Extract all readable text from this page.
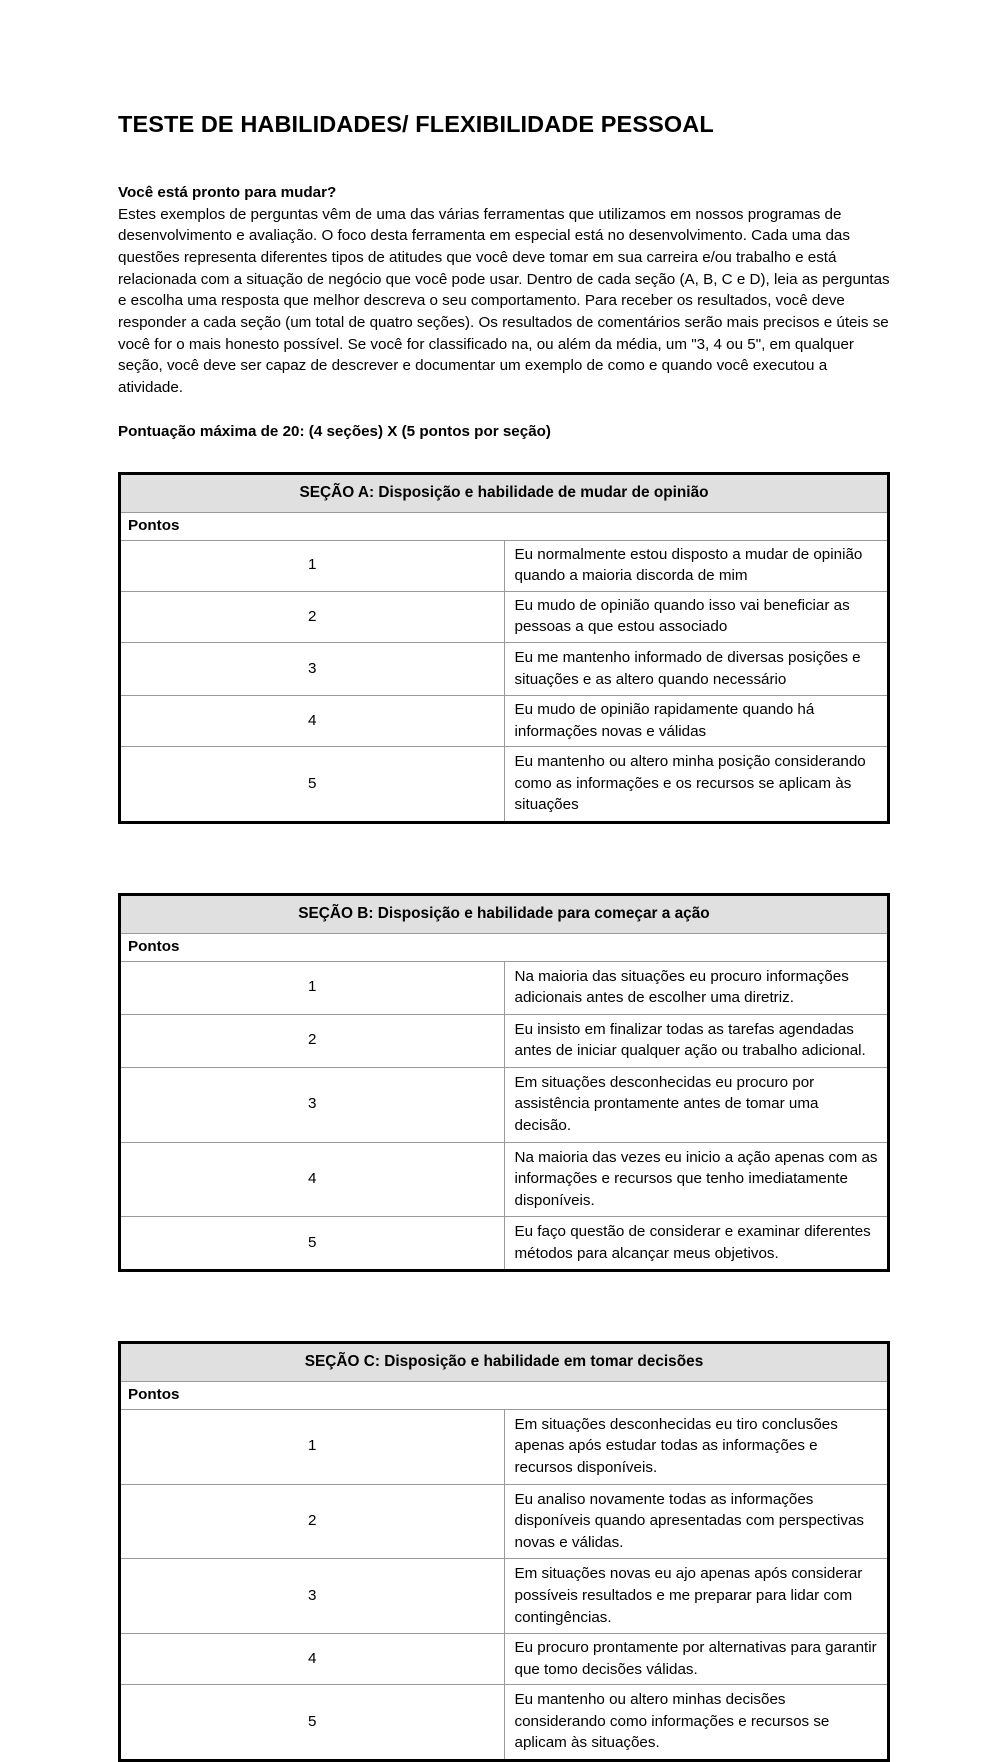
TESTE DE HABILIDADES/ FLEXIBILIDADE PESSOAL

Você está pronto para mudar?

Estes exemplos de perguntas vêm de uma das várias ferramentas que utilizamos em nossos programas de desenvolvimento e avaliação. O foco desta ferramenta em especial está no desenvolvimento. Cada uma das questões representa diferentes tipos de atitudes que você deve tomar em sua carreira e/ou trabalho e está relacionada com a situação de negócio que você pode usar. Dentro de cada seção (A, B, C e D), leia as perguntas e escolha uma resposta que melhor descreva o seu comportamento. Para receber os resultados, você deve responder a cada seção (um total de quatro seções). Os resultados de comentários serão mais precisos e úteis se você for o mais honesto possível. Se você for classificado na, ou além da média, um "3, 4 ou 5", em qualquer seção, você deve ser capaz de descrever e documentar um exemplo de como e quando você executou a atividade.

Pontuação máxima de 20: (4 seções) X (5 pontos por seção)

SEÇÃO A: Disposição e habilidade de mudar de opinião	
Pontos	
1	Eu normalmente estou disposto a mudar de opinião quando a maioria discorda de mim
2	Eu mudo de opinião quando isso vai beneficiar as pessoas a que estou associado
3	Eu me mantenho informado de diversas posições e situações e as altero quando necessário
4	Eu mudo de opinião rapidamente quando há informações novas e válidas
5	Eu mantenho ou altero minha posição considerando como as informações e os recursos se aplicam às situações
SEÇÃO B: Disposição e habilidade para começar a ação	
Pontos	
1	Na maioria das situações eu procuro informações adicionais antes de escolher uma diretriz.
2	Eu insisto em finalizar todas as tarefas agendadas antes de iniciar qualquer ação ou trabalho adicional.
3	Em situações desconhecidas eu procuro por assistência prontamente antes de tomar uma decisão.
4	Na maioria das vezes eu inicio a ação apenas com as informações e recursos que tenho imediatamente disponíveis.
5	Eu faço questão de considerar e examinar diferentes métodos para alcançar meus objetivos.
SEÇÃO C: Disposição e habilidade em tomar decisões	
Pontos	
1	Em situações desconhecidas eu tiro conclusões apenas após estudar todas as informações e recursos disponíveis.
2	Eu analiso novamente todas as informações disponíveis quando apresentadas com perspectivas novas e válidas.
3	Em situações novas eu ajo apenas após considerar possíveis resultados e me preparar para lidar com contingências.
4	Eu procuro prontamente por alternativas para garantir que tomo decisões válidas.
5	Eu mantenho ou altero minhas decisões considerando como informações e recursos se aplicam às situações.
